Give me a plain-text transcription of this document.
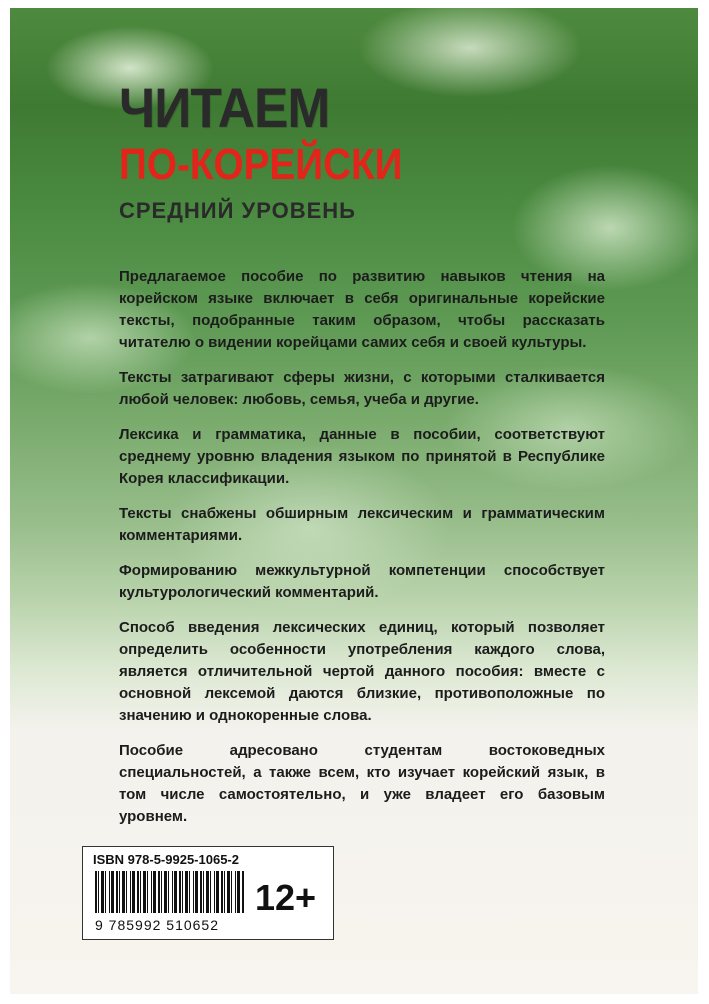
ЧИТАЕМ
ПО-КОРЕЙСКИ
СРЕДНИЙ УРОВЕНЬ

Предлагаемое пособие по развитию навыков чтения на корейском языке включает в себя оригинальные корейские тексты, подобранные таким образом, чтобы рассказать читателю о видении корейцами самих себя и своей культуры.

Тексты затрагивают сферы жизни, с которыми сталкивается любой человек: любовь, семья, учеба и другие.

Лексика и грамматика, данные в пособии, соответствуют среднему уровню владения языком по принятой в Республике Корея классификации.

Тексты снабжены обширным лексическим и грамматическим комментариями.

Формированию межкультурной компетенции способствует культурологический комментарий.

Способ введения лексических единиц, который позволяет определить особенности употребления каждого слова, является отличительной чертой данного пособия: вместе с основной лексемой даются близкие, противоположные по значению и однокоренные слова.

Пособие адресовано студентам востоковедных специальностей, а также всем, кто изучает корейский язык, в том числе самостоятельно, и уже владеет его базовым уровнем.

ISBN 978-5-9925-1065-2
9 785992 510652
12+
